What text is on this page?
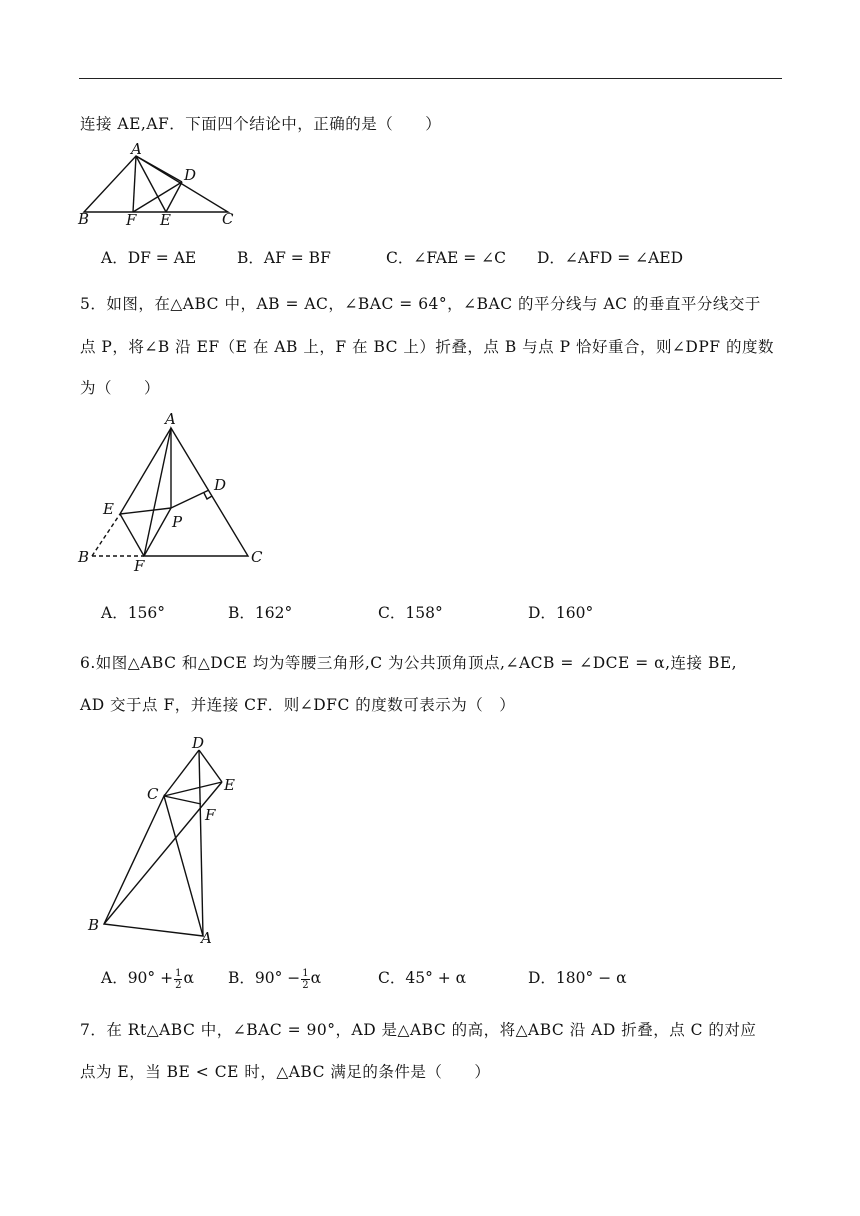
连接 AE,AF．下面四个结论中，正确的是（　　）
A
B F E	C
D
A．DF = AE	B．AF = BF	C．∠FAE = ∠C D．∠AFD = ∠AED
5．如图，在△ABC 中，AB = AC，∠BAC = 64°，∠BAC 的平分线与 AC 的垂直平分线交于
点 P，将∠B 沿 EF（E 在 AB 上，F 在 BC 上）折叠，点 B 与点 P 恰好重合，则∠DPF 的度数
为（　　）
A
D
E
P
B	F	C
A．156°	B．162°	C．158°	D．160°
6.如图△ABC 和△DCE 均为等腰三角形,C 为公共顶角顶点,∠ACB = ∠DCE = α,连接 BE,
AD 交于点 F，并连接 CF．则∠DFC 的度数可表示为（　）
D
E
C
F
B
A
A．$90^\circ + \frac{1}{2}$ α B．$90^\circ - \frac{1}{2}$ α	C．45° + α	D．180° − α
7．在 Rt△ABC 中，∠BAC = 90°，AD 是△ABC 的高，将△ABC 沿 AD 折叠，点 C 的对应
点为 E，当 BE < CE 时，△ABC 满足的条件是（　　）
